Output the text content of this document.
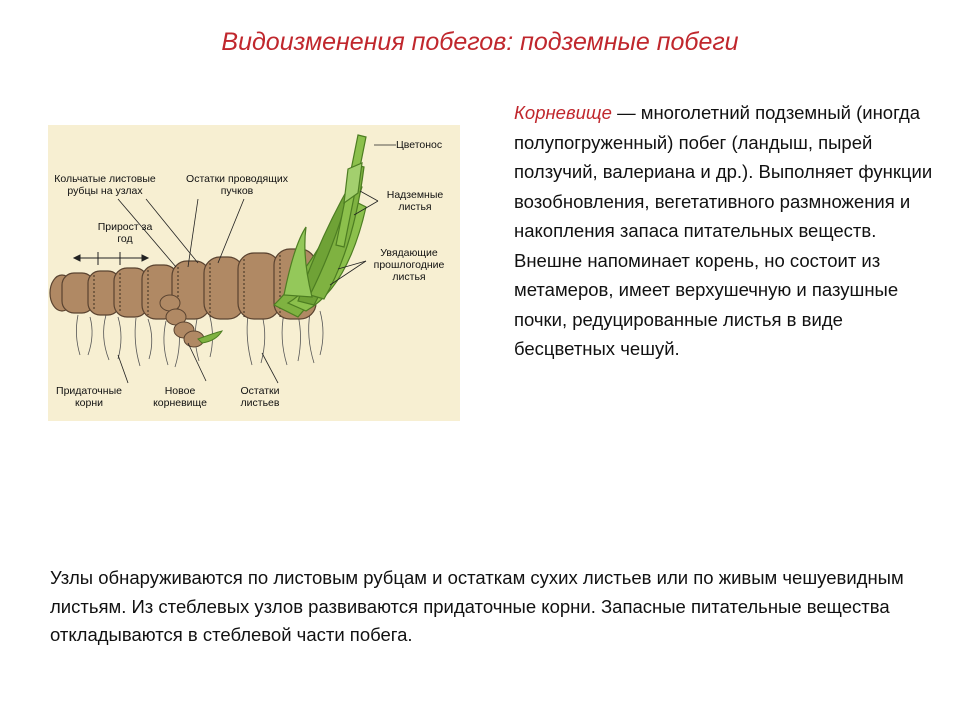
Видоизменения побегов: подземные побеги
Цветонос
Кольчатые листовые рубцы на узлах
Остатки проводящих пучков	Надземные листья
Прирост за год
Увядающие прошлогодние листья
Придаточные корни
Новое корневище
Остатки листьев
Корневище — многолетний подземный (иногда полупогруженный) побег (ландыш, пырей ползучий, валериана и др.). Выполняет функции возобновления, вегетативного размножения и накопления запаса питательных веществ. Внешне напоминает корень, но состоит из метамеров, имеет верхушечную и пазушные почки, редуцированные листья в виде бесцветных чешуй.
Узлы обнаруживаются по листовым рубцам и остаткам сухих листьев или по живым чешуевидным листьям. Из стеблевых узлов развиваются придаточные корни. Запасные питательные вещества откладываются в стеблевой части побега.
